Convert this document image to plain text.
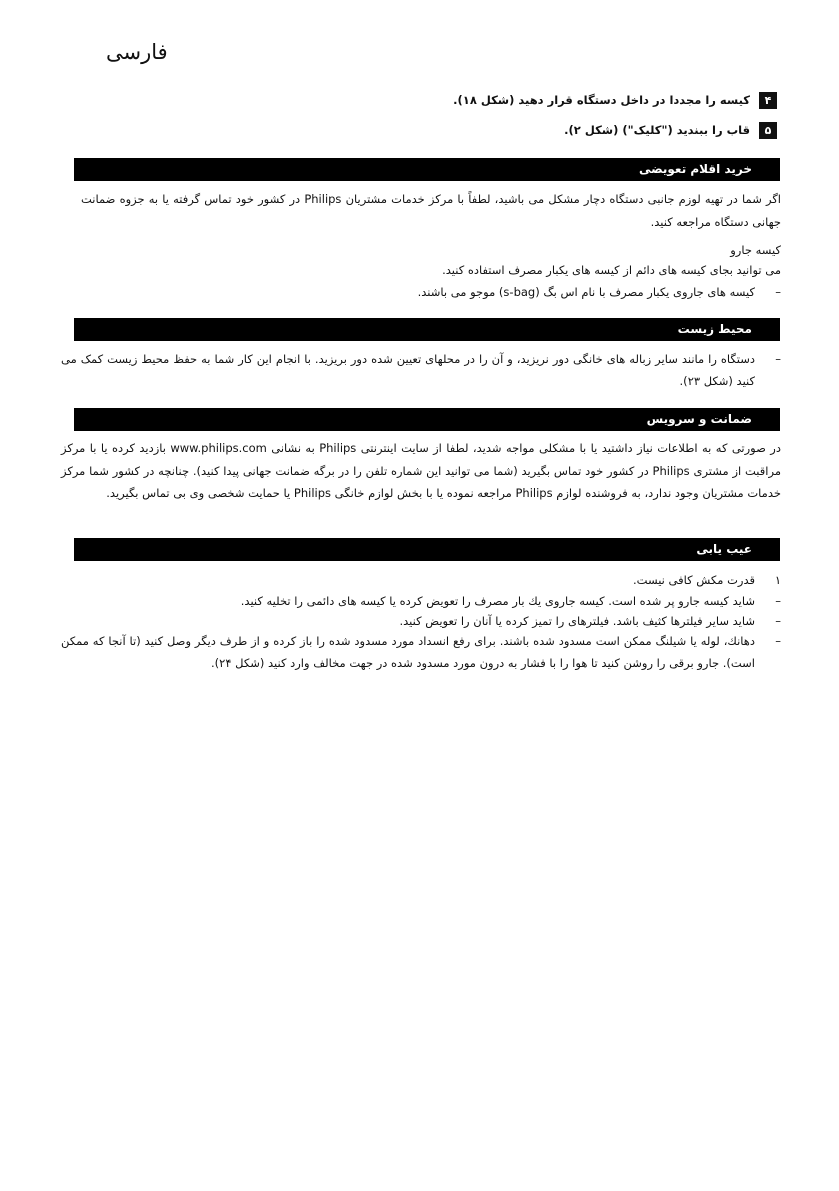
فارسی
۴
کیسه را مجددا در داخل دستگاه قرار دهید (شکل ۱۸).
۵
قاب را ببندید ("کلیک") (شکل ۲).
خرید اقلام تعویضی
اگر شما در تهیه لوزم جانبی دستگاه دچار مشکل می باشید، لطفاً با مرکز خدمات مشتریان Philips در کشور خود تماس گرفته یا به جزوه ضمانت جهانی دستگاه مراجعه کنید.
کیسه جارو
می توانید بجای کیسه های دائم از کیسه های یکبار مصرف استفاده کنید.
–
کیسه های جاروی یکبار مصرف با نام اس بگ (s-bag) موجو می باشند.
محیط زیست
–
دستگاه را مانند سایر زباله های خانگی دور نریزید، و آن را در محلهای تعیین شده دور بریزید. با انجام این کار شما به حفظ محیط زیست کمک می کنید (شکل ۲۳).
ضمانت و سرویس
در صورتی که به اطلاعات نیاز داشتید یا با مشکلی مواجه شدید، لطفا از سایت اینترنتی Philips به نشانی www.philips.com بازدید کرده یا با مرکز مراقبت از مشتری Philips در کشور خود تماس بگیرید (شما می توانید این شماره تلفن را در برگه ضمانت جهانی پیدا کنید). چنانچه در کشور شما مرکز خدمات مشتریان وجود ندارد، به فروشنده لوازم Philips مراجعه نموده یا با بخش لوازم خانگی Philips یا حمایت شخصی وی بی تماس بگیرید.
عیب یابی
۱
قدرت مکش کافی نیست.
–
شاید کیسه جارو پر شده است. کیسه جاروی یك بار مصرف را تعویض کرده یا کیسه های دائمی را تخلیه کنید.
–
شاید سایر فیلترها کثیف باشد. فیلترهای را تمیز کرده یا آنان را تعویض کنید.
–
دهانك، لوله یا شیلنگ ممکن است مسدود شده باشند. برای رفع انسداد مورد مسدود شده را باز کرده و از طرف دیگر وصل کنید (تا آنجا که ممکن است). جارو برقی را روشن کنید تا هوا را با فشار به درون مورد مسدود شده در جهت مخالف وارد کنید (شکل ۲۴).
